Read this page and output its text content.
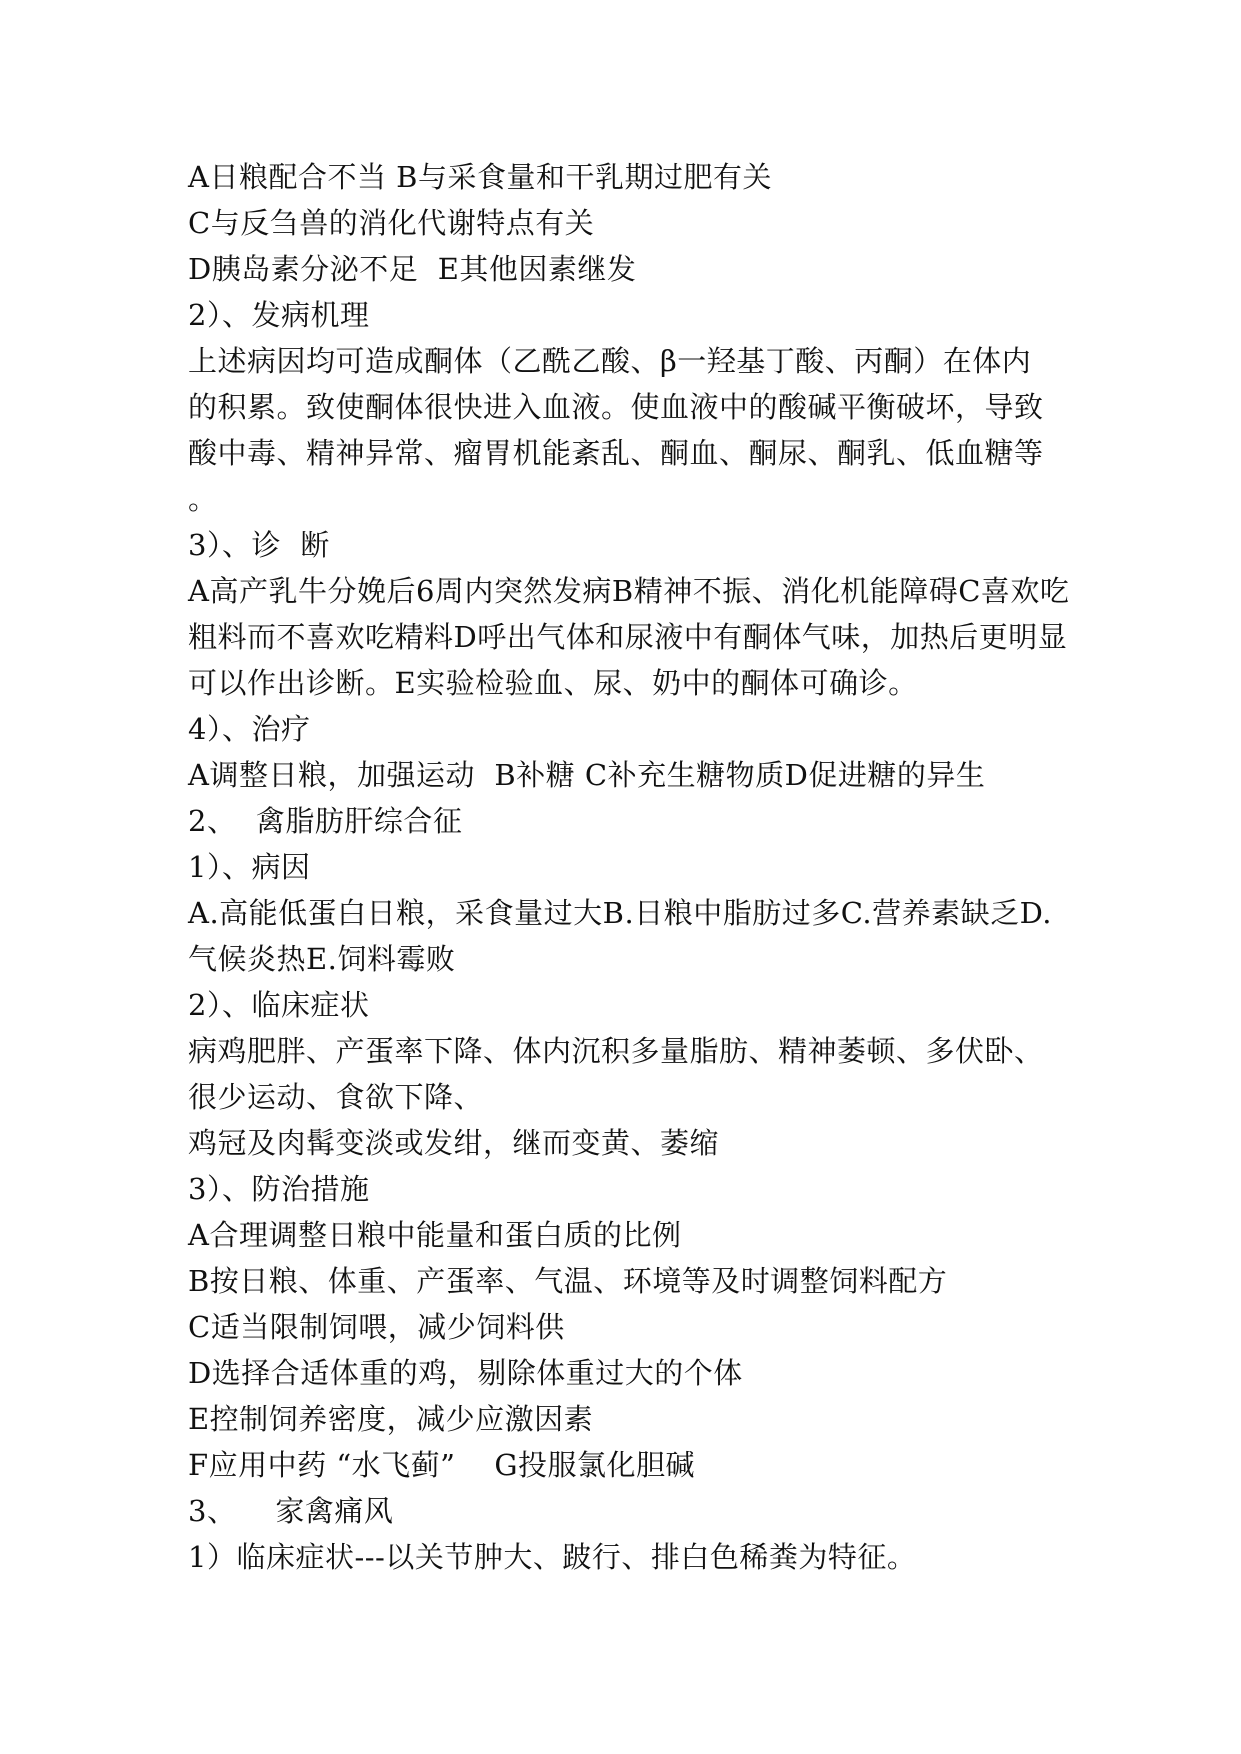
A日粮配合不当 B与采食量和干乳期过肥有关
C与反刍兽的消化代谢特点有关
D胰岛素分泌不足  E其他因素继发
2）、发病机理
上述病因均可造成酮体（乙酰乙酸、β一羟基丁酸、丙酮）在体内
的积累。致使酮体很快进入血液。使血液中的酸碱平衡破坏，导致
酸中毒、精神异常、瘤胃机能紊乱、酮血、酮尿、酮乳、低血糖等
。
3）、诊  断
A高产乳牛分娩后6周内突然发病B精神不振、消化机能障碍C喜欢吃
粗料而不喜欢吃精料D呼出气体和尿液中有酮体气味，加热后更明显
可以作出诊断。E实验检验血、尿、奶中的酮体可确诊。
4）、治疗
A调整日粮，加强运动  B补糖 C补充生糖物质D促进糖的异生
2、  禽脂肪肝综合征
1）、病因
A.高能低蛋白日粮，采食量过大B.日粮中脂肪过多C.营养素缺乏D.
气候炎热E.饲料霉败
2）、临床症状
病鸡肥胖、产蛋率下降、体内沉积多量脂肪、精神萎顿、多伏卧、
很少运动、食欲下降、
鸡冠及肉髯变淡或发绀，继而变黄、萎缩
3）、防治措施
A合理调整日粮中能量和蛋白质的比例
B按日粮、体重、产蛋率、气温、环境等及时调整饲料配方
C适当限制饲喂，减少饲料供
D选择合适体重的鸡，剔除体重过大的个体
E控制饲养密度，减少应激因素
F应用中药 “水飞蓟”    G投服氯化胆碱
3、    家禽痛风
1）临床症状---以关节肿大、跛行、排白色稀粪为特征。
